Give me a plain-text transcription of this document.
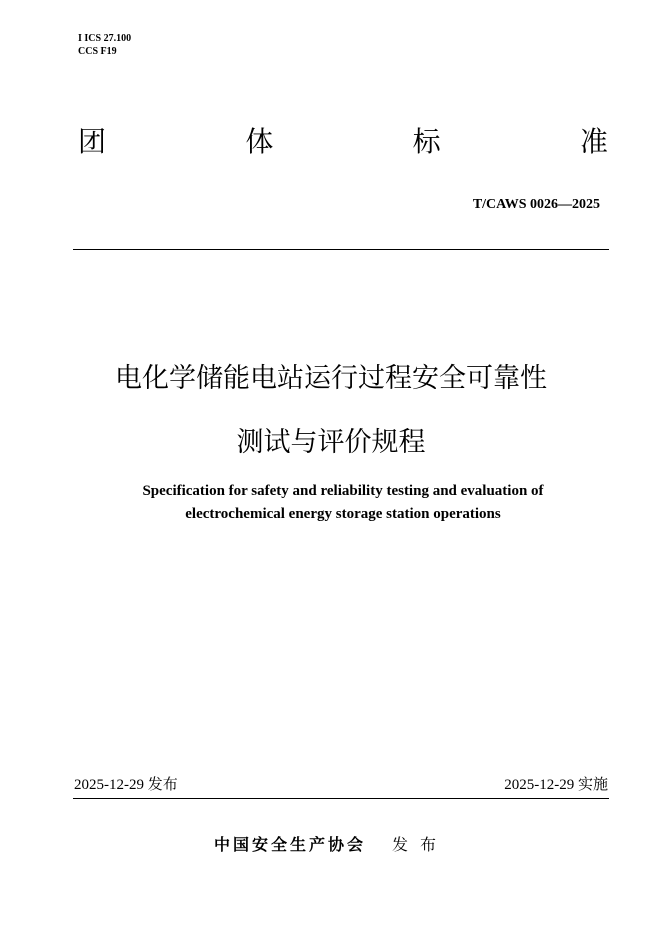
I ICS 27.100
CCS F19
团	体	标	准
T/CAWS 0026—2025
电化学储能电站运行过程安全可靠性
测试与评价规程
Specification for safety and reliability testing and evaluation of
electrochemical energy storage station operations
2025-12-29 发布	2025-12-29 实施
中国安全生产协会 发布
